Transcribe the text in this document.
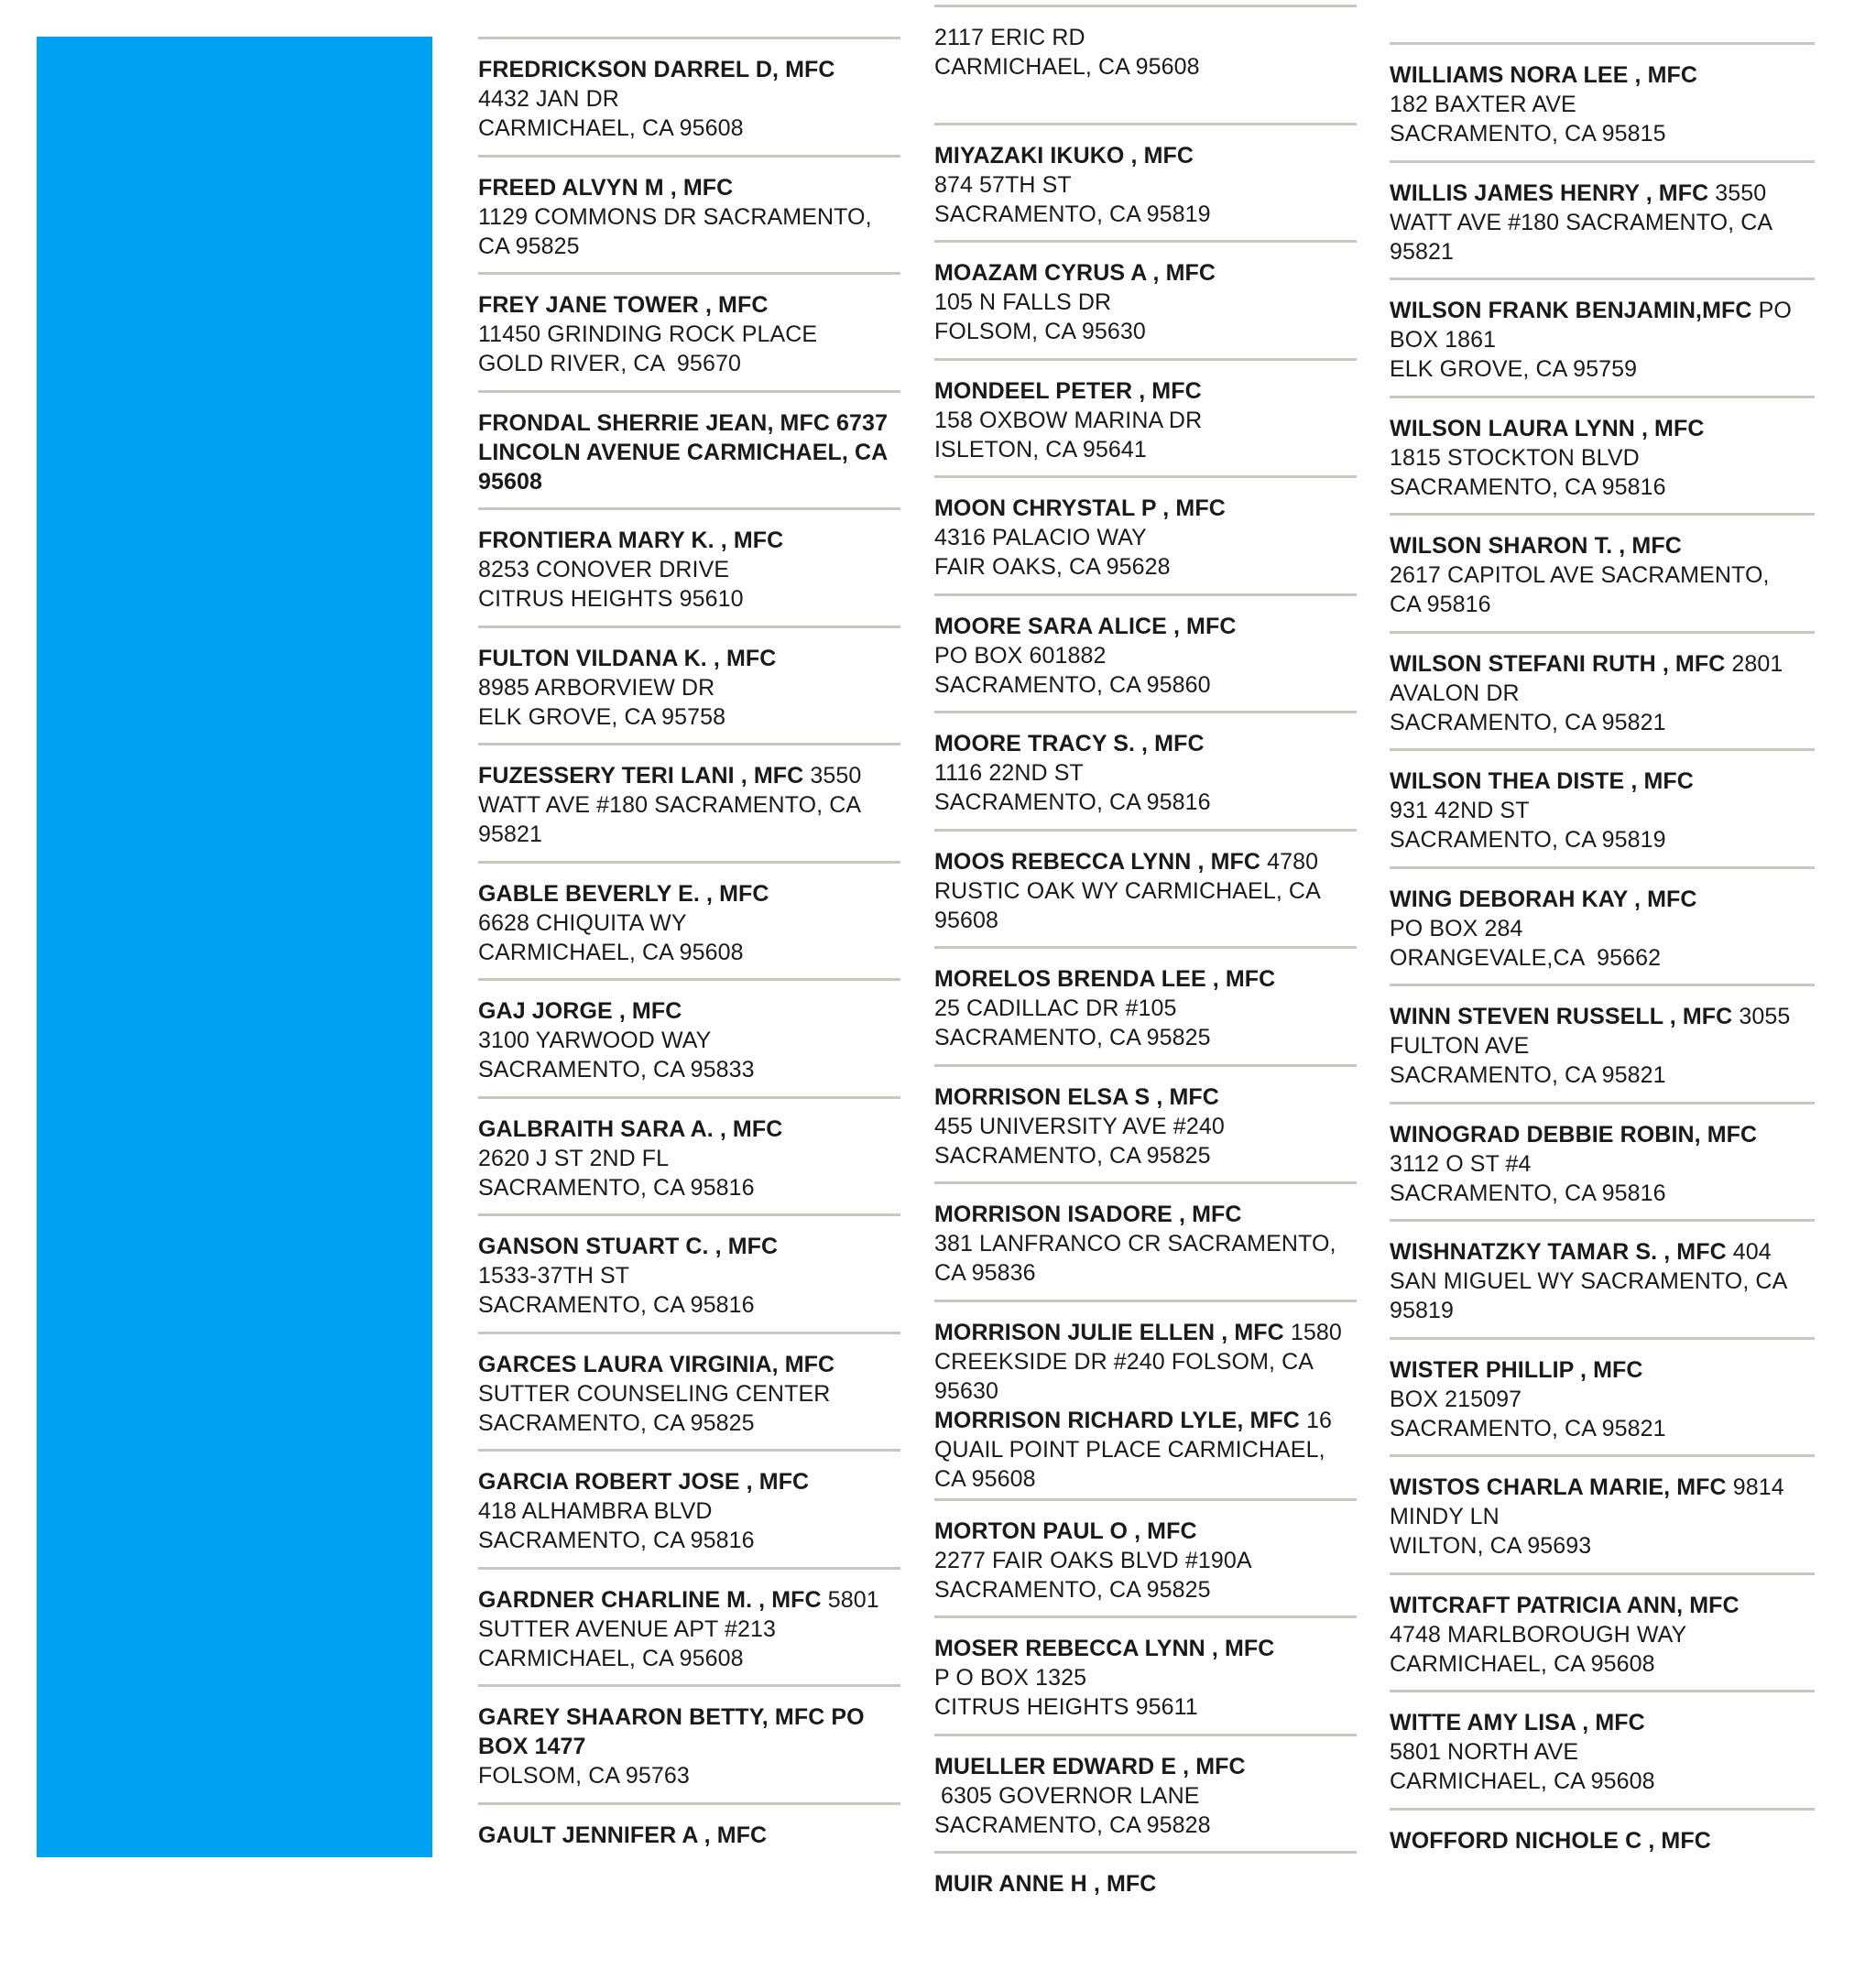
FREDRICKSON DARREL D, MFC
4432 JAN DR
CARMICHAEL, CA 95608
FREED ALVYN M , MFC
1129 COMMONS DR SACRAMENTO,
CA 95825
FREY JANE TOWER , MFC
11450 GRINDING ROCK PLACE
GOLD RIVER, CA  95670
FRONDAL SHERRIE JEAN, MFC 6737
LINCOLN AVENUE CARMICHAEL, CA
95608
FRONTIERA MARY K. , MFC
8253 CONOVER DRIVE
CITRUS HEIGHTS 95610
FULTON VILDANA K. , MFC
8985 ARBORVIEW DR
ELK GROVE, CA 95758
FUZESSERY TERI LANI , MFC 3550
WATT AVE #180 SACRAMENTO, CA
95821
GABLE BEVERLY E. , MFC
6628 CHIQUITA WY
CARMICHAEL, CA 95608
GAJ JORGE , MFC
3100 YARWOOD WAY
SACRAMENTO, CA 95833
GALBRAITH SARA A. , MFC
2620 J ST 2ND FL
SACRAMENTO, CA 95816
GANSON STUART C. , MFC
1533-37TH ST
SACRAMENTO, CA 95816
GARCES LAURA VIRGINIA, MFC
SUTTER COUNSELING CENTER
SACRAMENTO, CA 95825
GARCIA ROBERT JOSE , MFC
418 ALHAMBRA BLVD
SACRAMENTO, CA 95816
GARDNER CHARLINE M. , MFC 5801
SUTTER AVENUE APT #213
CARMICHAEL, CA 95608
GAREY SHAARON BETTY, MFC PO
BOX 1477
FOLSOM, CA 95763
GAULT JENNIFER A , MFC
2117 ERIC RD
CARMICHAEL, CA 95608
MIYAZAKI IKUKO , MFC
874 57TH ST
SACRAMENTO, CA 95819
MOAZAM CYRUS A , MFC
105 N FALLS DR
FOLSOM, CA 95630
MONDEEL PETER , MFC
158 OXBOW MARINA DR
ISLETON, CA 95641
MOON CHRYSTAL P , MFC
4316 PALACIO WAY
FAIR OAKS, CA 95628
MOORE SARA ALICE , MFC
PO BOX 601882
SACRAMENTO, CA 95860
MOORE TRACY S. , MFC
1116 22ND ST
SACRAMENTO, CA 95816
MOOS REBECCA LYNN , MFC 4780
RUSTIC OAK WY CARMICHAEL, CA
95608
MORELOS BRENDA LEE , MFC
25 CADILLAC DR #105
SACRAMENTO, CA 95825
MORRISON ELSA S , MFC
455 UNIVERSITY AVE #240
SACRAMENTO, CA 95825
MORRISON ISADORE , MFC
381 LANFRANCO CR SACRAMENTO,
CA 95836
MORRISON JULIE ELLEN , MFC 1580
CREEKSIDE DR #240 FOLSOM, CA
95630
MORRISON RICHARD LYLE, MFC 16
QUAIL POINT PLACE CARMICHAEL,
CA 95608
MORTON PAUL O , MFC
2277 FAIR OAKS BLVD #190A
SACRAMENTO, CA 95825
MOSER REBECCA LYNN , MFC
P O BOX 1325
CITRUS HEIGHTS 95611
MUELLER EDWARD E , MFC
6305 GOVERNOR LANE
SACRAMENTO, CA 95828
MUIR ANNE H , MFC
WILLIAMS NORA LEE , MFC
182 BAXTER AVE
SACRAMENTO, CA 95815
WILLIS JAMES HENRY , MFC 3550
WATT AVE #180 SACRAMENTO, CA
95821
WILSON FRANK BENJAMIN,MFC PO
BOX 1861
ELK GROVE, CA 95759
WILSON LAURA LYNN , MFC
1815 STOCKTON BLVD
SACRAMENTO, CA 95816
WILSON SHARON T. , MFC
2617 CAPITOL AVE SACRAMENTO,
CA 95816
WILSON STEFANI RUTH , MFC 2801
AVALON DR
SACRAMENTO, CA 95821
WILSON THEA DISTE , MFC
931 42ND ST
SACRAMENTO, CA 95819
WING DEBORAH KAY , MFC
PO BOX 284
ORANGEVALE,CA  95662
WINN STEVEN RUSSELL , MFC 3055
FULTON AVE
SACRAMENTO, CA 95821
WINOGRAD DEBBIE ROBIN, MFC
3112 O ST #4
SACRAMENTO, CA 95816
WISHNATZKY TAMAR S. , MFC 404
SAN MIGUEL WY SACRAMENTO, CA
95819
WISTER PHILLIP , MFC
BOX 215097
SACRAMENTO, CA 95821
WISTOS CHARLA MARIE, MFC 9814
MINDY LN
WILTON, CA 95693
WITCRAFT PATRICIA ANN, MFC
4748 MARLBOROUGH WAY
CARMICHAEL, CA 95608
WITTE AMY LISA , MFC
5801 NORTH AVE
CARMICHAEL, CA 95608
WOFFORD NICHOLE C , MFC
